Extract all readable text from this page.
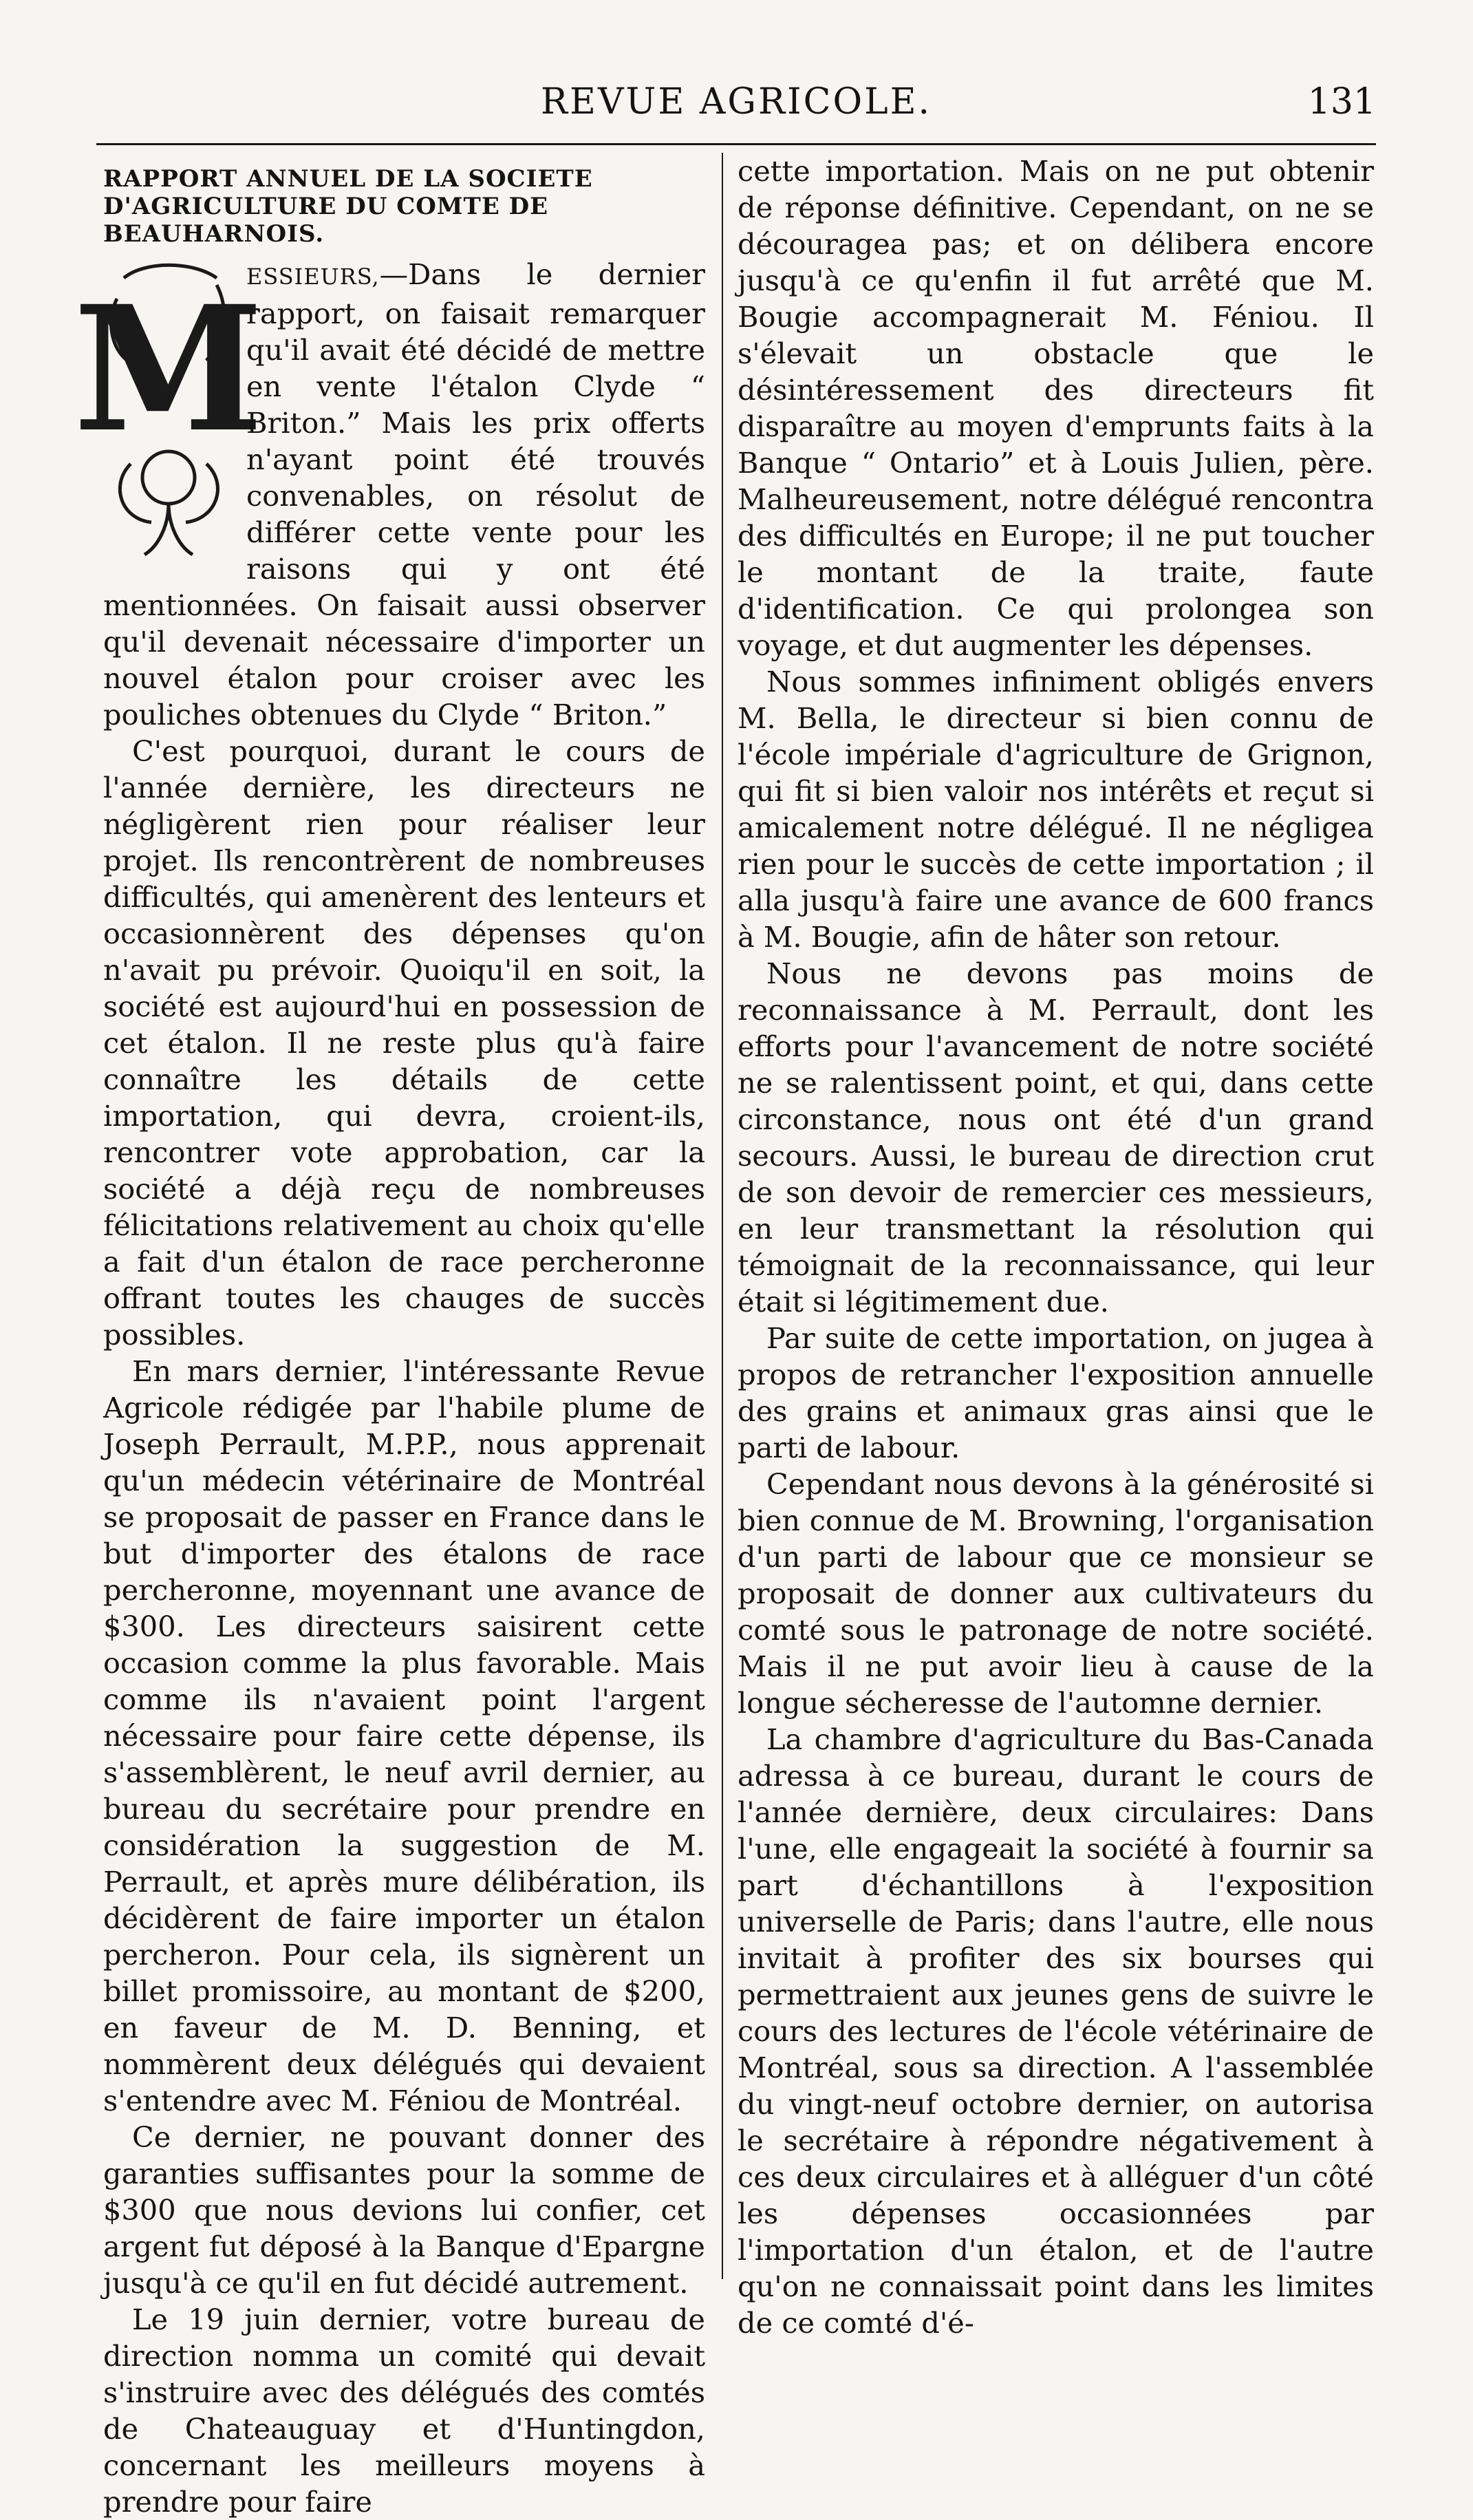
REVUE AGRICOLE.	131
RAPPORT ANNUEL DE LA SOCIETE D'AGRICULTURE DU COMTE DE BEAUHARNOIS.
M

ESSIEURS,—Dans le dernier rapport, on faisait remarquer qu'il avait été décidé de mettre en vente l'étalon Clyde “ Briton.” Mais les prix offerts n'ayant point été trouvés convenables, on résolut de différer cette vente pour les raisons qui y ont été mentionnées. On faisait aussi observer qu'il devenait nécessaire d'importer un nouvel étalon pour croiser avec les pouliches obtenues du Clyde “ Briton.”

C'est pourquoi, durant le cours de l'année dernière, les directeurs ne négligèrent rien pour réaliser leur projet. Ils rencontrèrent de nombreuses difficultés, qui amenèrent des lenteurs et occasionnèrent des dépenses qu'on n'avait pu prévoir. Quoiqu'il en soit, la société est aujourd'hui en possession de cet étalon. Il ne reste plus qu'à faire connaître les détails de cette importation, qui devra, croient-ils, rencontrer vote approbation, car la société a déjà reçu de nombreuses félicitations relativement au choix qu'elle a fait d'un étalon de race percheronne offrant toutes les chauges de succès possibles.

En mars dernier, l'intéressante Revue Agricole rédigée par l'habile plume de Joseph Perrault, M.P.P., nous apprenait qu'un médecin vétérinaire de Montréal se proposait de passer en France dans le but d'importer des étalons de race percheronne, moyennant une avance de $300. Les directeurs saisirent cette occasion comme la plus favorable. Mais comme ils n'avaient point l'argent nécessaire pour faire cette dépense, ils s'assemblèrent, le neuf avril dernier, au bureau du secrétaire pour prendre en considération la suggestion de M. Perrault, et après mure délibération, ils décidèrent de faire importer un étalon percheron. Pour cela, ils signèrent un billet promissoire, au montant de $200, en faveur de M. D. Benning, et nommèrent deux délégués qui devaient s'entendre avec M. Féniou de Montréal.

Ce dernier, ne pouvant donner des garanties suffisantes pour la somme de $300 que nous devions lui confier, cet argent fut déposé à la Banque d'Epargne jusqu'à ce qu'il en fut décidé autrement.

Le 19 juin dernier, votre bureau de direction nomma un comité qui devait s'instruire avec des délégués des comtés de Chateauguay et d'Huntingdon, concernant les meilleurs moyens à prendre pour faire

cette importation. Mais on ne put obtenir de réponse définitive. Cependant, on ne se découragea pas; et on délibera encore jusqu'à ce qu'enfin il fut arrêté que M. Bougie accompagnerait M. Féniou. Il s'élevait un obstacle que le désintéressement des directeurs fit disparaître au moyen d'emprunts faits à la Banque “ Ontario” et à Louis Julien, père. Malheureusement, notre délégué rencontra des difficultés en Europe; il ne put toucher le montant de la traite, faute d'identification. Ce qui prolongea son voyage, et dut augmenter les dépenses.

Nous sommes infiniment obligés envers M. Bella, le directeur si bien connu de l'école impériale d'agriculture de Grignon, qui fit si bien valoir nos intérêts et reçut si amicalement notre délégué. Il ne négligea rien pour le succès de cette importation ; il alla jusqu'à faire une avance de 600 francs à M. Bougie, afin de hâter son retour.

Nous ne devons pas moins de reconnaissance à M. Perrault, dont les efforts pour l'avancement de notre société ne se ralentissent point, et qui, dans cette circonstance, nous ont été d'un grand secours. Aussi, le bureau de direction crut de son devoir de remercier ces messieurs, en leur transmettant la résolution qui témoignait de la reconnaissance, qui leur était si légitimement due.

Par suite de cette importation, on jugea à propos de retrancher l'exposition annuelle des grains et animaux gras ainsi que le parti de labour.

Cependant nous devons à la générosité si bien connue de M. Browning, l'organisation d'un parti de labour que ce monsieur se proposait de donner aux cultivateurs du comté sous le patronage de notre société. Mais il ne put avoir lieu à cause de la longue sécheresse de l'automne dernier.

La chambre d'agriculture du Bas-Canada adressa à ce bureau, durant le cours de l'année dernière, deux circulaires: Dans l'une, elle engageait la société à fournir sa part d'échantillons à l'exposition universelle de Paris; dans l'autre, elle nous invitait à profiter des six bourses qui permettraient aux jeunes gens de suivre le cours des lectures de l'école vétérinaire de Montréal, sous sa direction. A l'assemblée du vingt-neuf octobre dernier, on autorisa le secrétaire à répondre négativement à ces deux circulaires et à alléguer d'un côté les dépenses occasionnées par l'importation d'un étalon, et de l'autre qu'on ne connaissait point dans les limites de ce comté d'é-
